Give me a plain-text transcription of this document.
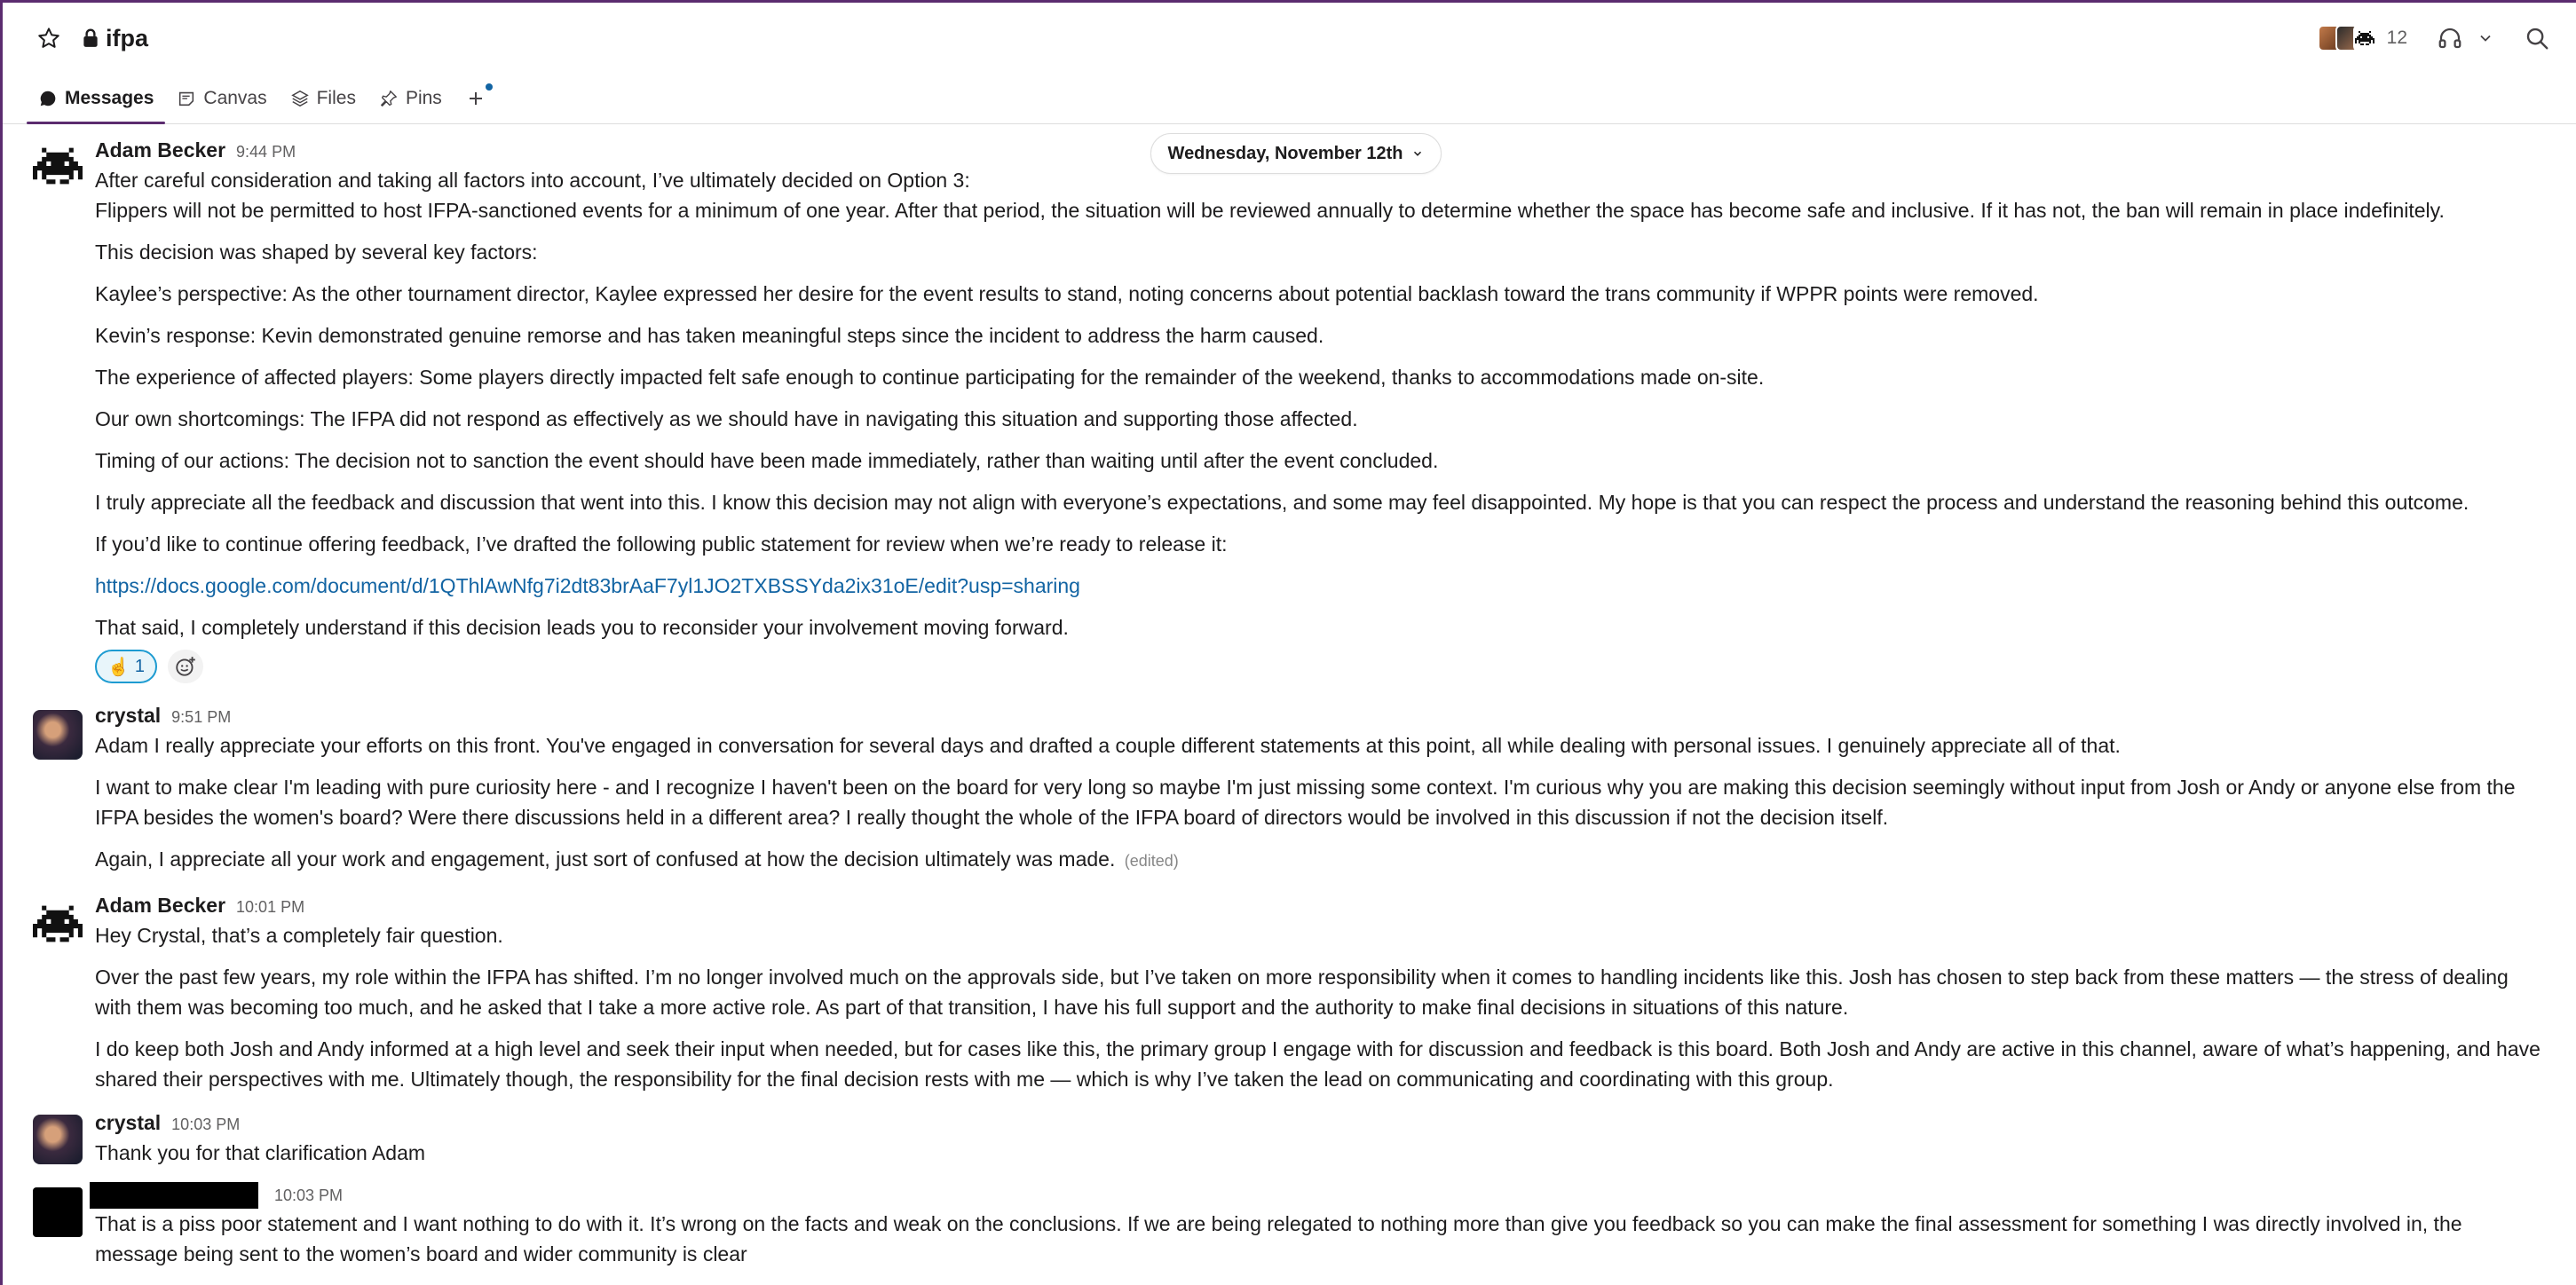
ifpa	12
Messages	Canvas	Files	Pins
Adam Becker 9:44 PM

After careful consideration and taking all factors into account, I’ve ultimately decided on Option 3:

Flippers will not be permitted to host IFPA-sanctioned events for a minimum of one year. After that period, the situation will be reviewed annually to determine whether the space has become safe and inclusive. If it has not, the ban will remain in place indefinitely.

This decision was shaped by several key factors:

Kaylee’s perspective: As the other tournament director, Kaylee expressed her desire for the event results to stand, noting concerns about potential backlash toward the trans community if WPPR points were removed.

Kevin’s response: Kevin demonstrated genuine remorse and has taken meaningful steps since the incident to address the harm caused.

The experience of affected players: Some players directly impacted felt safe enough to continue participating for the remainder of the weekend, thanks to accommodations made on-site.

Our own shortcomings: The IFPA did not respond as effectively as we should have in navigating this situation and supporting those affected.

Timing of our actions: The decision not to sanction the event should have been made immediately, rather than waiting until after the event concluded.

I truly appreciate all the feedback and discussion that went into this. I know this decision may not align with everyone’s expectations, and some may feel disappointed. My hope is that you can respect the process and understand the reasoning behind this outcome.

If you’d like to continue offering feedback, I’ve drafted the following public statement for review when we’re ready to release it:

https://docs.google.com/document/d/1QThlAwNfg7i2dt83brAaF7yl1JO2TXBSSYda2ix31oE/edit?usp=sharing

That said, I completely understand if this decision leads you to reconsider your involvement moving forward.

☝️ 1
Wednesday, November 12th
crystal 9:51 PM

Adam I really appreciate your efforts on this front. You've engaged in conversation for several days and drafted a couple different statements at this point, all while dealing with personal issues. I genuinely appreciate all of that.

I want to make clear I'm leading with pure curiosity here - and I recognize I haven't been on the board for very long so maybe I'm just missing some context. I'm curious why you are making this decision seemingly without input from Josh or Andy or anyone else from the IFPA besides the women's board? Were there discussions held in a different area? I really thought the whole of the IFPA board of directors would be involved in this discussion if not the decision itself.

Again, I appreciate all your work and engagement, just sort of confused at how the decision ultimately was made. (edited)

Adam Becker 10:01 PM

Hey Crystal, that’s a completely fair question.

Over the past few years, my role within the IFPA has shifted. I’m no longer involved much on the approvals side, but I’ve taken on more responsibility when it comes to handling incidents like this. Josh has chosen to step back from these matters — the stress of dealing with them was becoming too much, and he asked that I take a more active role. As part of that transition, I have his full support and the authority to make final decisions in situations of this nature.

I do keep both Josh and Andy informed at a high level and seek their input when needed, but for cases like this, the primary group I engage with for discussion and feedback is this board. Both Josh and Andy are active in this channel, aware of what’s happening, and have shared their perspectives with me. Ultimately though, the responsibility for the final decision rests with me — which is why I’ve taken the lead on communicating and coordinating with this group.

crystal 10:03 PM

Thank you for that clarification Adam

10:03 PM

That is a piss poor statement and I want nothing to do with it. It’s wrong on the facts and weak on the conclusions. If we are being relegated to nothing more than give you feedback so you can make the final assessment for something I was directly involved in, the message being sent to the women’s board and wider community is clear
